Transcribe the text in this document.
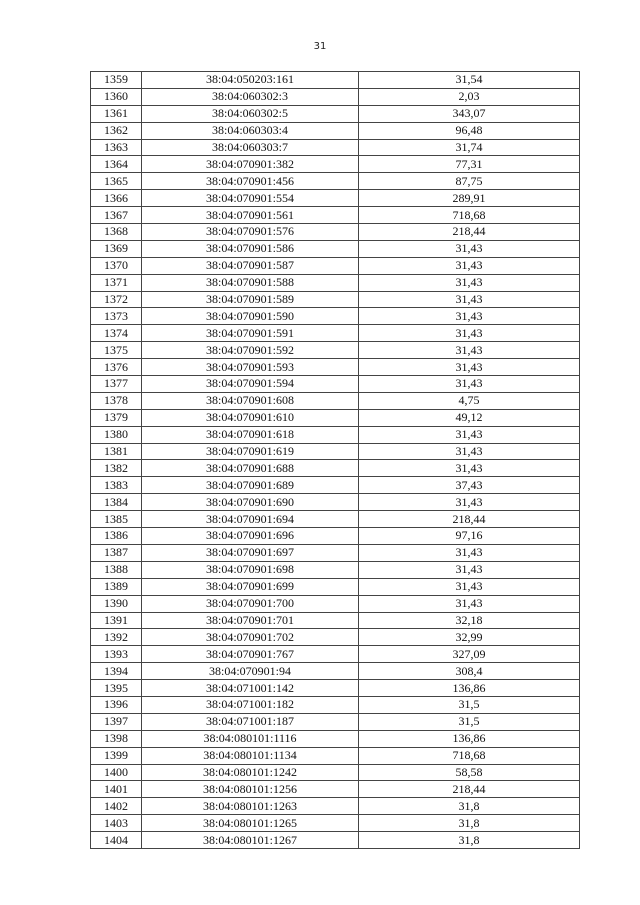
31
1359	38:04:050203:161	31,54
1360	38:04:060302:3	2,03
1361	38:04:060302:5	343,07
1362	38:04:060303:4	96,48
1363	38:04:060303:7	31,74
1364	38:04:070901:382	77,31
1365	38:04:070901:456	87,75
1366	38:04:070901:554	289,91
1367	38:04:070901:561	718,68
1368	38:04:070901:576	218,44
1369	38:04:070901:586	31,43
1370	38:04:070901:587	31,43
1371	38:04:070901:588	31,43
1372	38:04:070901:589	31,43
1373	38:04:070901:590	31,43
1374	38:04:070901:591	31,43
1375	38:04:070901:592	31,43
1376	38:04:070901:593	31,43
1377	38:04:070901:594	31,43
1378	38:04:070901:608	4,75
1379	38:04:070901:610	49,12
1380	38:04:070901:618	31,43
1381	38:04:070901:619	31,43
1382	38:04:070901:688	31,43
1383	38:04:070901:689	37,43
1384	38:04:070901:690	31,43
1385	38:04:070901:694	218,44
1386	38:04:070901:696	97,16
1387	38:04:070901:697	31,43
1388	38:04:070901:698	31,43
1389	38:04:070901:699	31,43
1390	38:04:070901:700	31,43
1391	38:04:070901:701	32,18
1392	38:04:070901:702	32,99
1393	38:04:070901:767	327,09
1394	38:04:070901:94	308,4
1395	38:04:071001:142	136,86
1396	38:04:071001:182	31,5
1397	38:04:071001:187	31,5
1398	38:04:080101:1116	136,86
1399	38:04:080101:1134	718,68
1400	38:04:080101:1242	58,58
1401	38:04:080101:1256	218,44
1402	38:04:080101:1263	31,8
1403	38:04:080101:1265	31,8
1404	38:04:080101:1267	31,8
